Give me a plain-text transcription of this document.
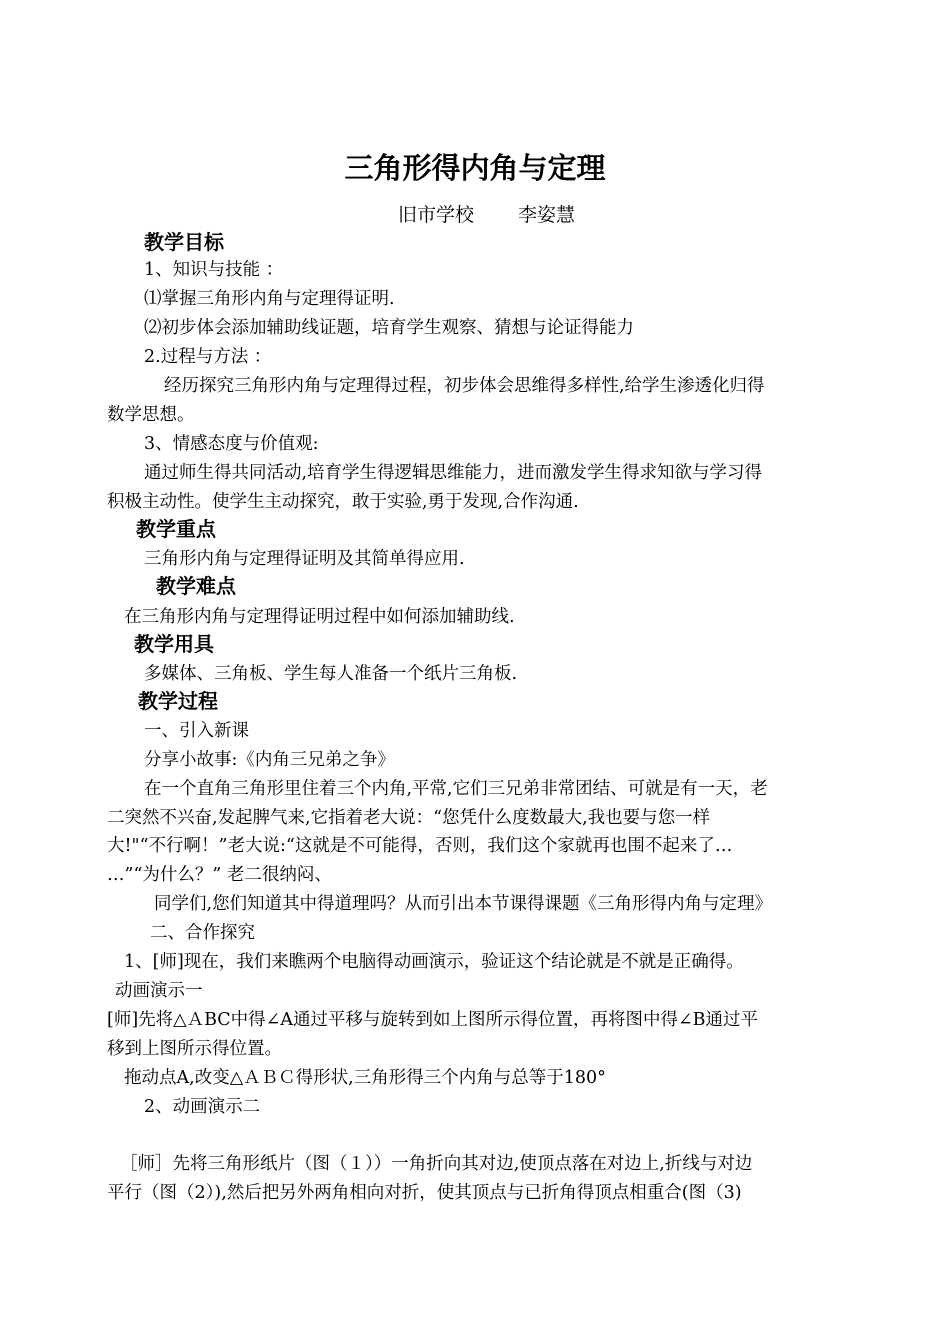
三角形得内角与定理
旧市学校 李姿慧
教学目标
1、知识与技能 ：
⑴掌握三角形内角与定理得证明.
⑵初步体会添加辅助线证题，培育学生观察、猜想与论证得能力
2.过程与方法 ：
经历探究三角形内角与定理得过程，初步体会思维得多样性,给学生渗透化归得
数学思想。
3、情感态度与价值观:
通过师生得共同活动,培育学生得逻辑思维能力，进而激发学生得求知欲与学习得
积极主动性。使学生主动探究，敢于实验,勇于发现,合作沟通.
教学重点
三角形内角与定理得证明及其简单得应用.
教学难点
在三角形内角与定理得证明过程中如何添加辅助线.
教学用具
多媒体、三角板、学生每人准备一个纸片三角板.
教学过程
一、引入新课
分享小故事:《内角三兄弟之争》
在一个直角三角形里住着三个内角,平常,它们三兄弟非常团结、可就是有一天，老
二突然不兴奋,发起脾气来,它指着老大说：“您凭什么度数最大,我也要与您一样
大!"“不行啊！”老大说:“这就是不可能得，否则，我们这个家就再也围不起来了…
…”“为什么？” 老二很纳闷、
同学们,您们知道其中得道理吗？从而引出本节课得课题《三角形得内角与定理》
二、合作探究
1、[师]现在，我们来瞧两个电脑得动画演示，验证这个结论就是不就是正确得。
动画演示一
[师]先将△ＡBC中得∠A通过平移与旋转到如上图所示得位置，再将图中得∠B通过平
移到上图所示得位置。
拖动点A,改变△ＡＢＣ得形状,三角形得三个内角与总等于180°
2、动画演示二
［师］先将三角形纸片（图（１））一角折向其对边,使顶点落在对边上,折线与对边
平行（图（2）),然后把另外两角相向对折，使其顶点与已折角得顶点相重合(图（3)
